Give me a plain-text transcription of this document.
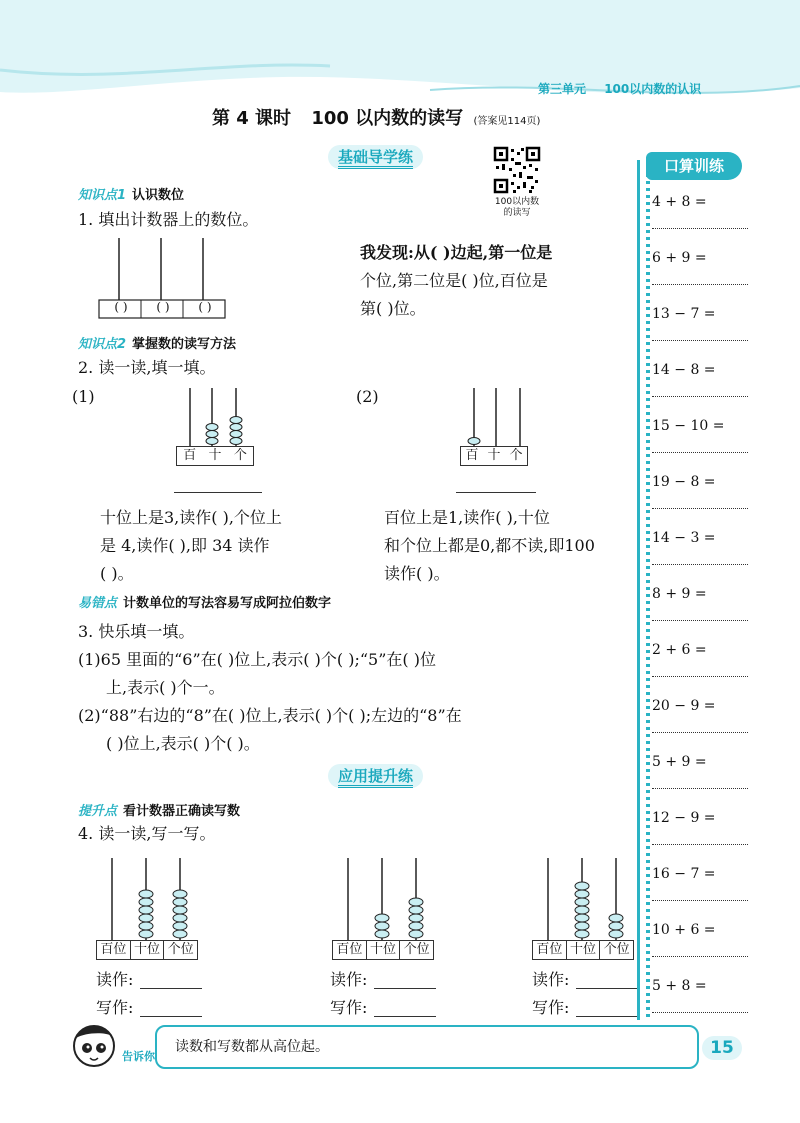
第三单元 100以内数的认识
第 4 课时 100 以内数的读写 (答案见114页)
基础导学练
100以内数
的读写
知识点1 认识数位
1. 填出计数器上的数位。
( )	( )	( )
我发现:从( )边起,第一位是
个位,第二位是( )位,百位是
第( )位。
知识点2 掌握数的读写方法
2. 读一读,填一填。
(1)	(2)
百 十 个	百 十 个
十位上是3,读作( ),个位上
是 4,读作( ),即 34 读作
( )。
百位上是1,读作( ),十位
和个位上都是0,都不读,即100
读作( )。
易错点 计数单位的写法容易写成阿拉伯数字
3. 快乐填一填。
(1)65 里面的“6”在( )位上,表示( )个( );“5”在( )位
上,表示( )个一。
(2)“88”右边的“8”在( )位上,表示( )个( );左边的“8”在
( )位上,表示( )个( )。
应用提升练
提升点 看计数器正确读写数
4. 读一读,写一写。
百位 十位 个位	百位 十位 个位	百位 十位 个位
读作:
写作:
读作:
写作:
读作:
写作:
告诉你
读数和写数都从高位起。	15
口算训练
4 + 8 =
6 + 9 =
13 − 7 =
14 − 8 =
15 − 10 =
19 − 8 =
14 − 3 =
8 + 9 =
2 + 6 =
20 − 9 =
5 + 9 =
12 − 9 =
16 − 7 =
10 + 6 =
5 + 8 =
